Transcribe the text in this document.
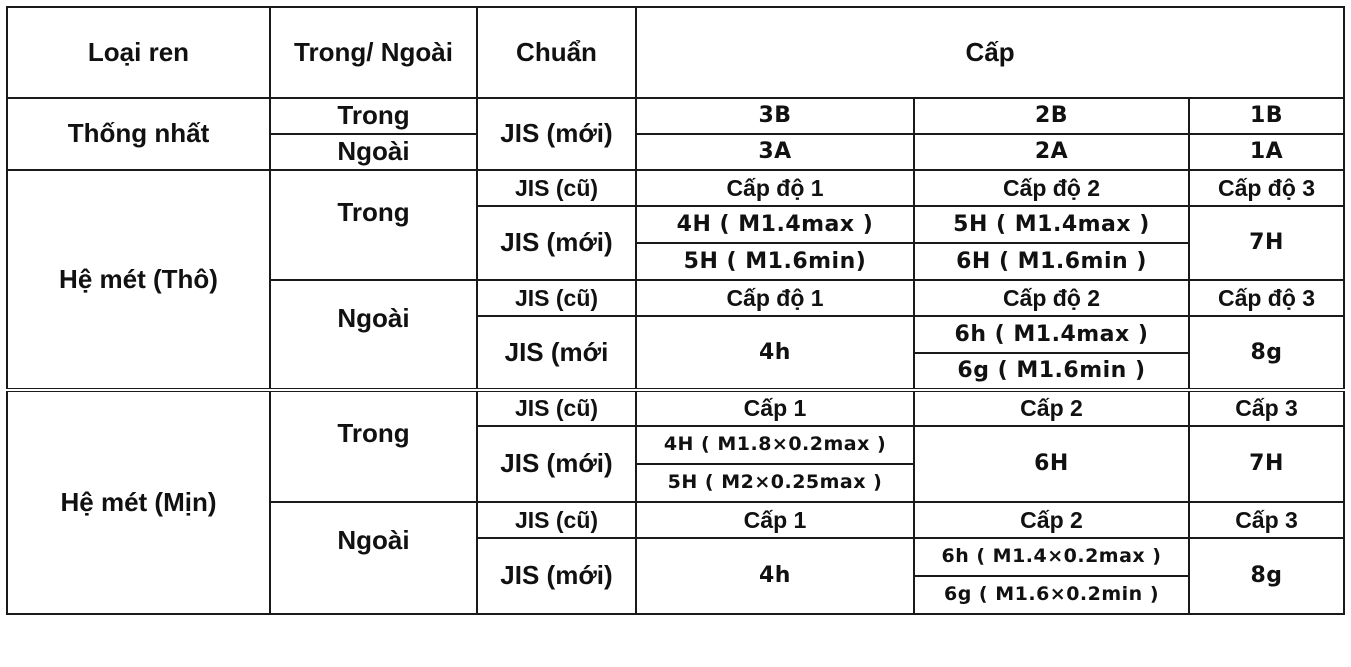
Loại ren	Trong/ Ngoài	Chuẩn	Cấp		
Thống nhất	Trong	JIS (mới)	3B	2B	1B
	Ngoài		3A	2A	1A
Hệ mét (Thô)	Trong	JIS (cũ)	Cấp độ 1	Cấp độ 2	Cấp độ 3
		JIS (mới)	4H ( M1.4max )	5H ( M1.4max )	7H
			5H ( M1.6min)	6H ( M1.6min )	
	Ngoài	JIS (cũ)	Cấp độ 1	Cấp độ 2	Cấp độ 3
		JIS (mới	4h	6h ( M1.4max )	8g
				6g ( M1.6min )	
Hệ mét (Mịn)	Trong	JIS (cũ)	Cấp 1	Cấp 2	Cấp 3
		JIS (mới)	4H ( M1.8×0.2max )	6H	7H
			5H ( M2×0.25max )		
	Ngoài	JIS (cũ)	Cấp 1	Cấp 2	Cấp 3
		JIS (mới)	4h	6h ( M1.4×0.2max )	8g
				6g ( M1.6×0.2min )	
